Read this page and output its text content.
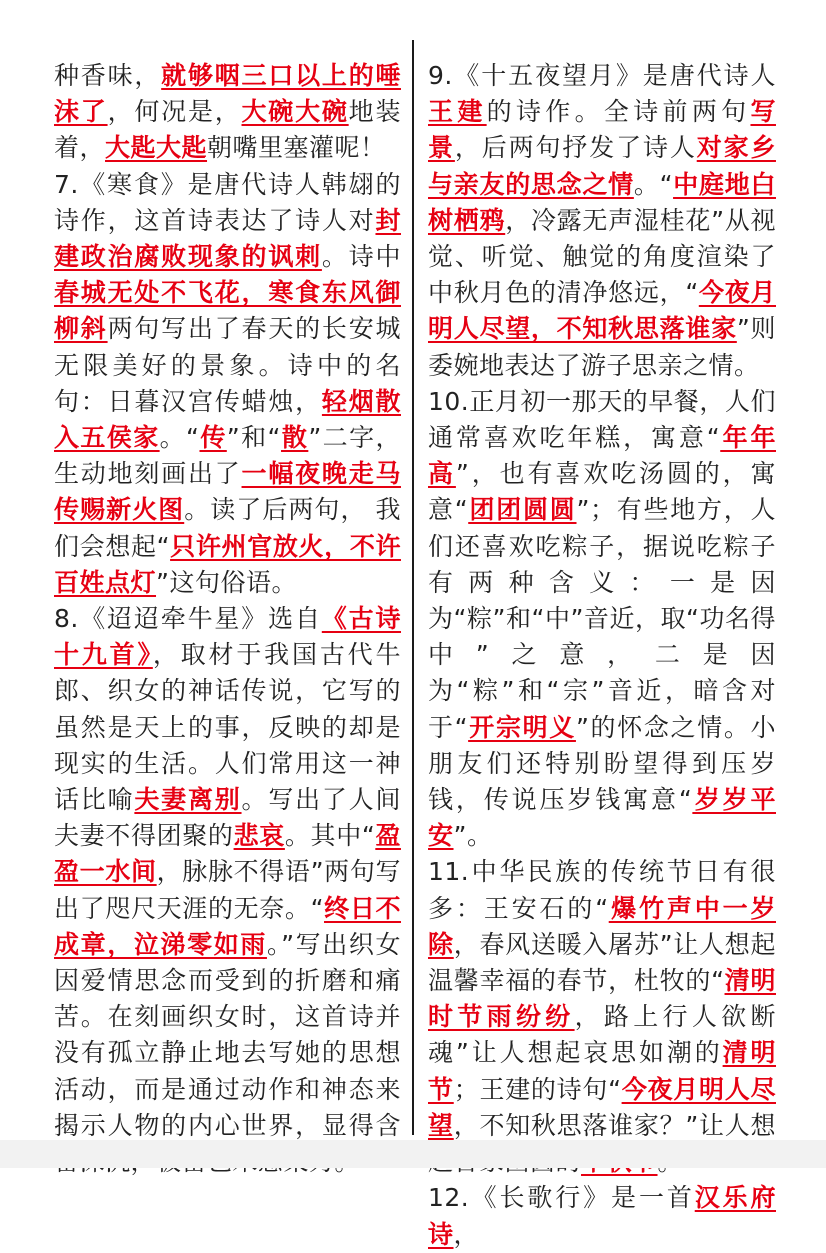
种香味，就够咽三口以上的唾沫了，何况是，大碗大碗地装着，大匙大匙朝嘴里塞灌呢！

7.《寒食》是唐代诗人韩翃的诗作，这首诗表达了诗人对封建政治腐败现象的讽刺。诗中春城无处不飞花，寒食东风御柳斜两句写出了春天的长安城无限美好的景象。诗中的名句：日暮汉宫传蜡烛，轻烟散入五侯家。“传”和“散”二字，生动地刻画出了一幅夜晚走马传赐新火图。读了后两句， 我们会想起“只许州官放火，不许百姓点灯”这句俗语。

8.《迢迢牵牛星》选自《古诗十九首》，取材于我国古代牛郎、织女的神话传说，它写的虽然是天上的事，反映的却是现实的生活。人们常用这一神话比喻夫妻离别。写出了人间夫妻不得团聚的悲哀。其中“盈盈一水间，脉脉不得语”两句写出了咫尺天涯的无奈。“终日不成章，泣涕零如雨。”写出织女因爱情思念而受到的折磨和痛苦。在刻画织女时，这首诗并没有孤立静止地去写她的思想活动，而是通过动作和神态来揭示人物的内心世界，显得含

9.《十五夜望月》是唐代诗人王建的诗作。全诗前两句写景，后两句抒发了诗人对家乡与亲友的思念之情。“中庭地白树栖鸦，冷露无声湿桂花”从视觉、听觉、触觉的角度渲染了中秋月色的清净悠远，“今夜月明人尽望，不知秋思落谁家”则委婉地表达了游子思亲之情。

10.正月初一那天的早餐，人们通常喜欢吃年糕，寓意“年年高”，也有喜欢吃汤圆的，寓意“团团圆圆”；有些地方，人们还喜欢吃粽子，据说吃粽子有两种含义：一是因为“粽”和“中”音近，取“功名得中”之意，二是因为“粽”和“宗”音近，暗含对于“开宗明义”的怀念之情。小朋友们还特别盼望得到压岁钱，传说压岁钱寓意“岁岁平安”。

11.中华民族的传统节日有很多：王安石的“爆竹声中一岁除，春风送暖入屠苏”让人想起温馨幸福的春节，杜牧的“清明时节雨纷纷，路上行人欲断魂”让人想起哀思如潮的清明节；王建的诗句“今夜月明人尽望，不知秋思落谁家？”让人想

12.《长歌行》是一首汉乐府诗，
